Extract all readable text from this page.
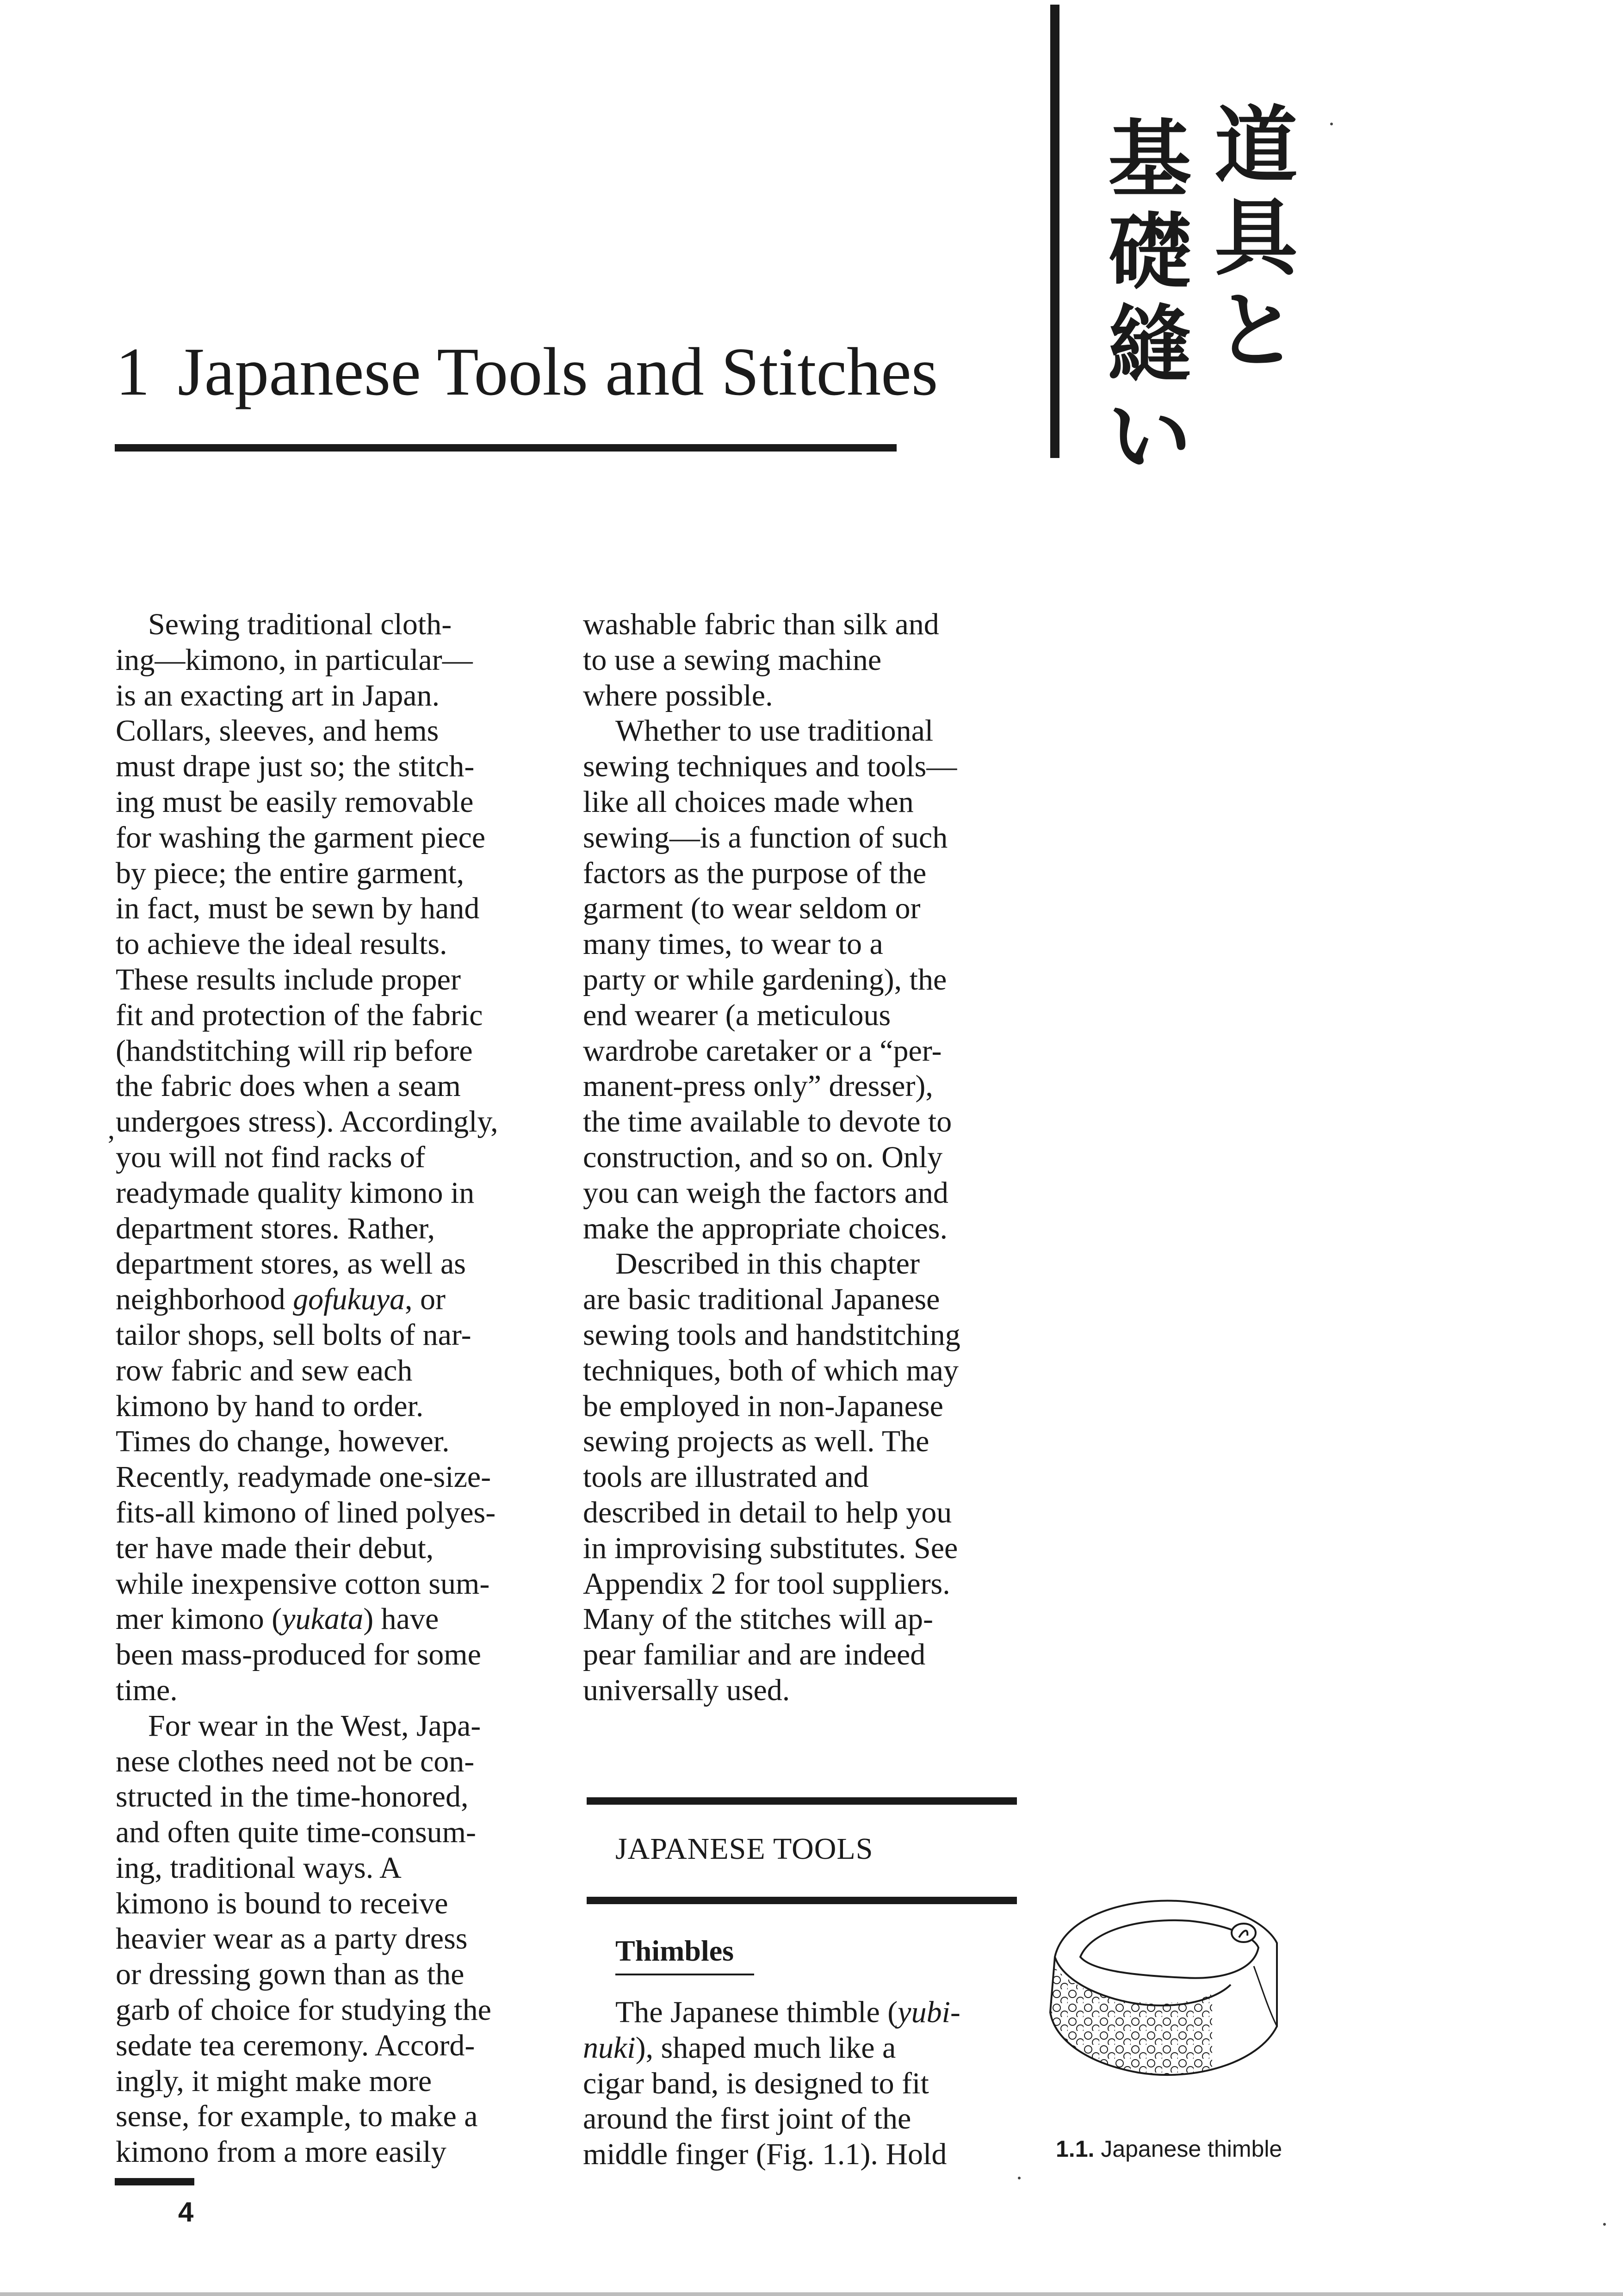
1 Japanese Tools and Stitches
道
具
と
基
礎
縫
い
Sewing traditional cloth-
ing—kimono, in particular—
is an exacting art in Japan.
Collars, sleeves, and hems
must drape just so; the stitch-
ing must be easily removable
for washing the garment piece
by piece; the entire garment,
in fact, must be sewn by hand
to achieve the ideal results.
These results include proper
fit and protection of the fabric
(handstitching will rip before
the fabric does when a seam
undergoes stress). Accordingly,
you will not find racks of
readymade quality kimono in
department stores. Rather,
department stores, as well as
neighborhood gofukuya, or
tailor shops, sell bolts of nar-
row fabric and sew each
kimono by hand to order.
Times do change, however.
Recently, readymade one-size-
fits-all kimono of lined polyes-
ter have made their debut,
while inexpensive cotton sum-
mer kimono (yukata) have
been mass-produced for some
time.
For wear in the West, Japa-
nese clothes need not be con-
structed in the time-honored,
and often quite time-consum-
ing, traditional ways. A
kimono is bound to receive
heavier wear as a party dress
or dressing gown than as the
garb of choice for studying the
sedate tea ceremony. Accord-
ingly, it might make more
sense, for example, to make a
kimono from a more easily
ʼ
washable fabric than silk and
to use a sewing machine
where possible.
Whether to use traditional
sewing techniques and tools—
like all choices made when
sewing—is a function of such
factors as the purpose of the
garment (to wear seldom or
many times, to wear to a
party or while gardening), the
end wearer (a meticulous
wardrobe caretaker or a “per-
manent-press only” dresser),
the time available to devote to
construction, and so on. Only
you can weigh the factors and
make the appropriate choices.
Described in this chapter
are basic traditional Japanese
sewing tools and handstitching
techniques, both of which may
be employed in non-Japanese
sewing projects as well. The
tools are illustrated and
described in detail to help you
in improvising substitutes. See
Appendix 2 for tool suppliers.
Many of the stitches will ap-
pear familiar and are indeed
universally used.
JAPANESE TOOLS
Thimbles
The Japanese thimble (yubi-
nuki), shaped much like a
cigar band, is designed to fit
around the first joint of the
middle finger (Fig. 1.1). Hold	1.1. Japanese thimble
4
